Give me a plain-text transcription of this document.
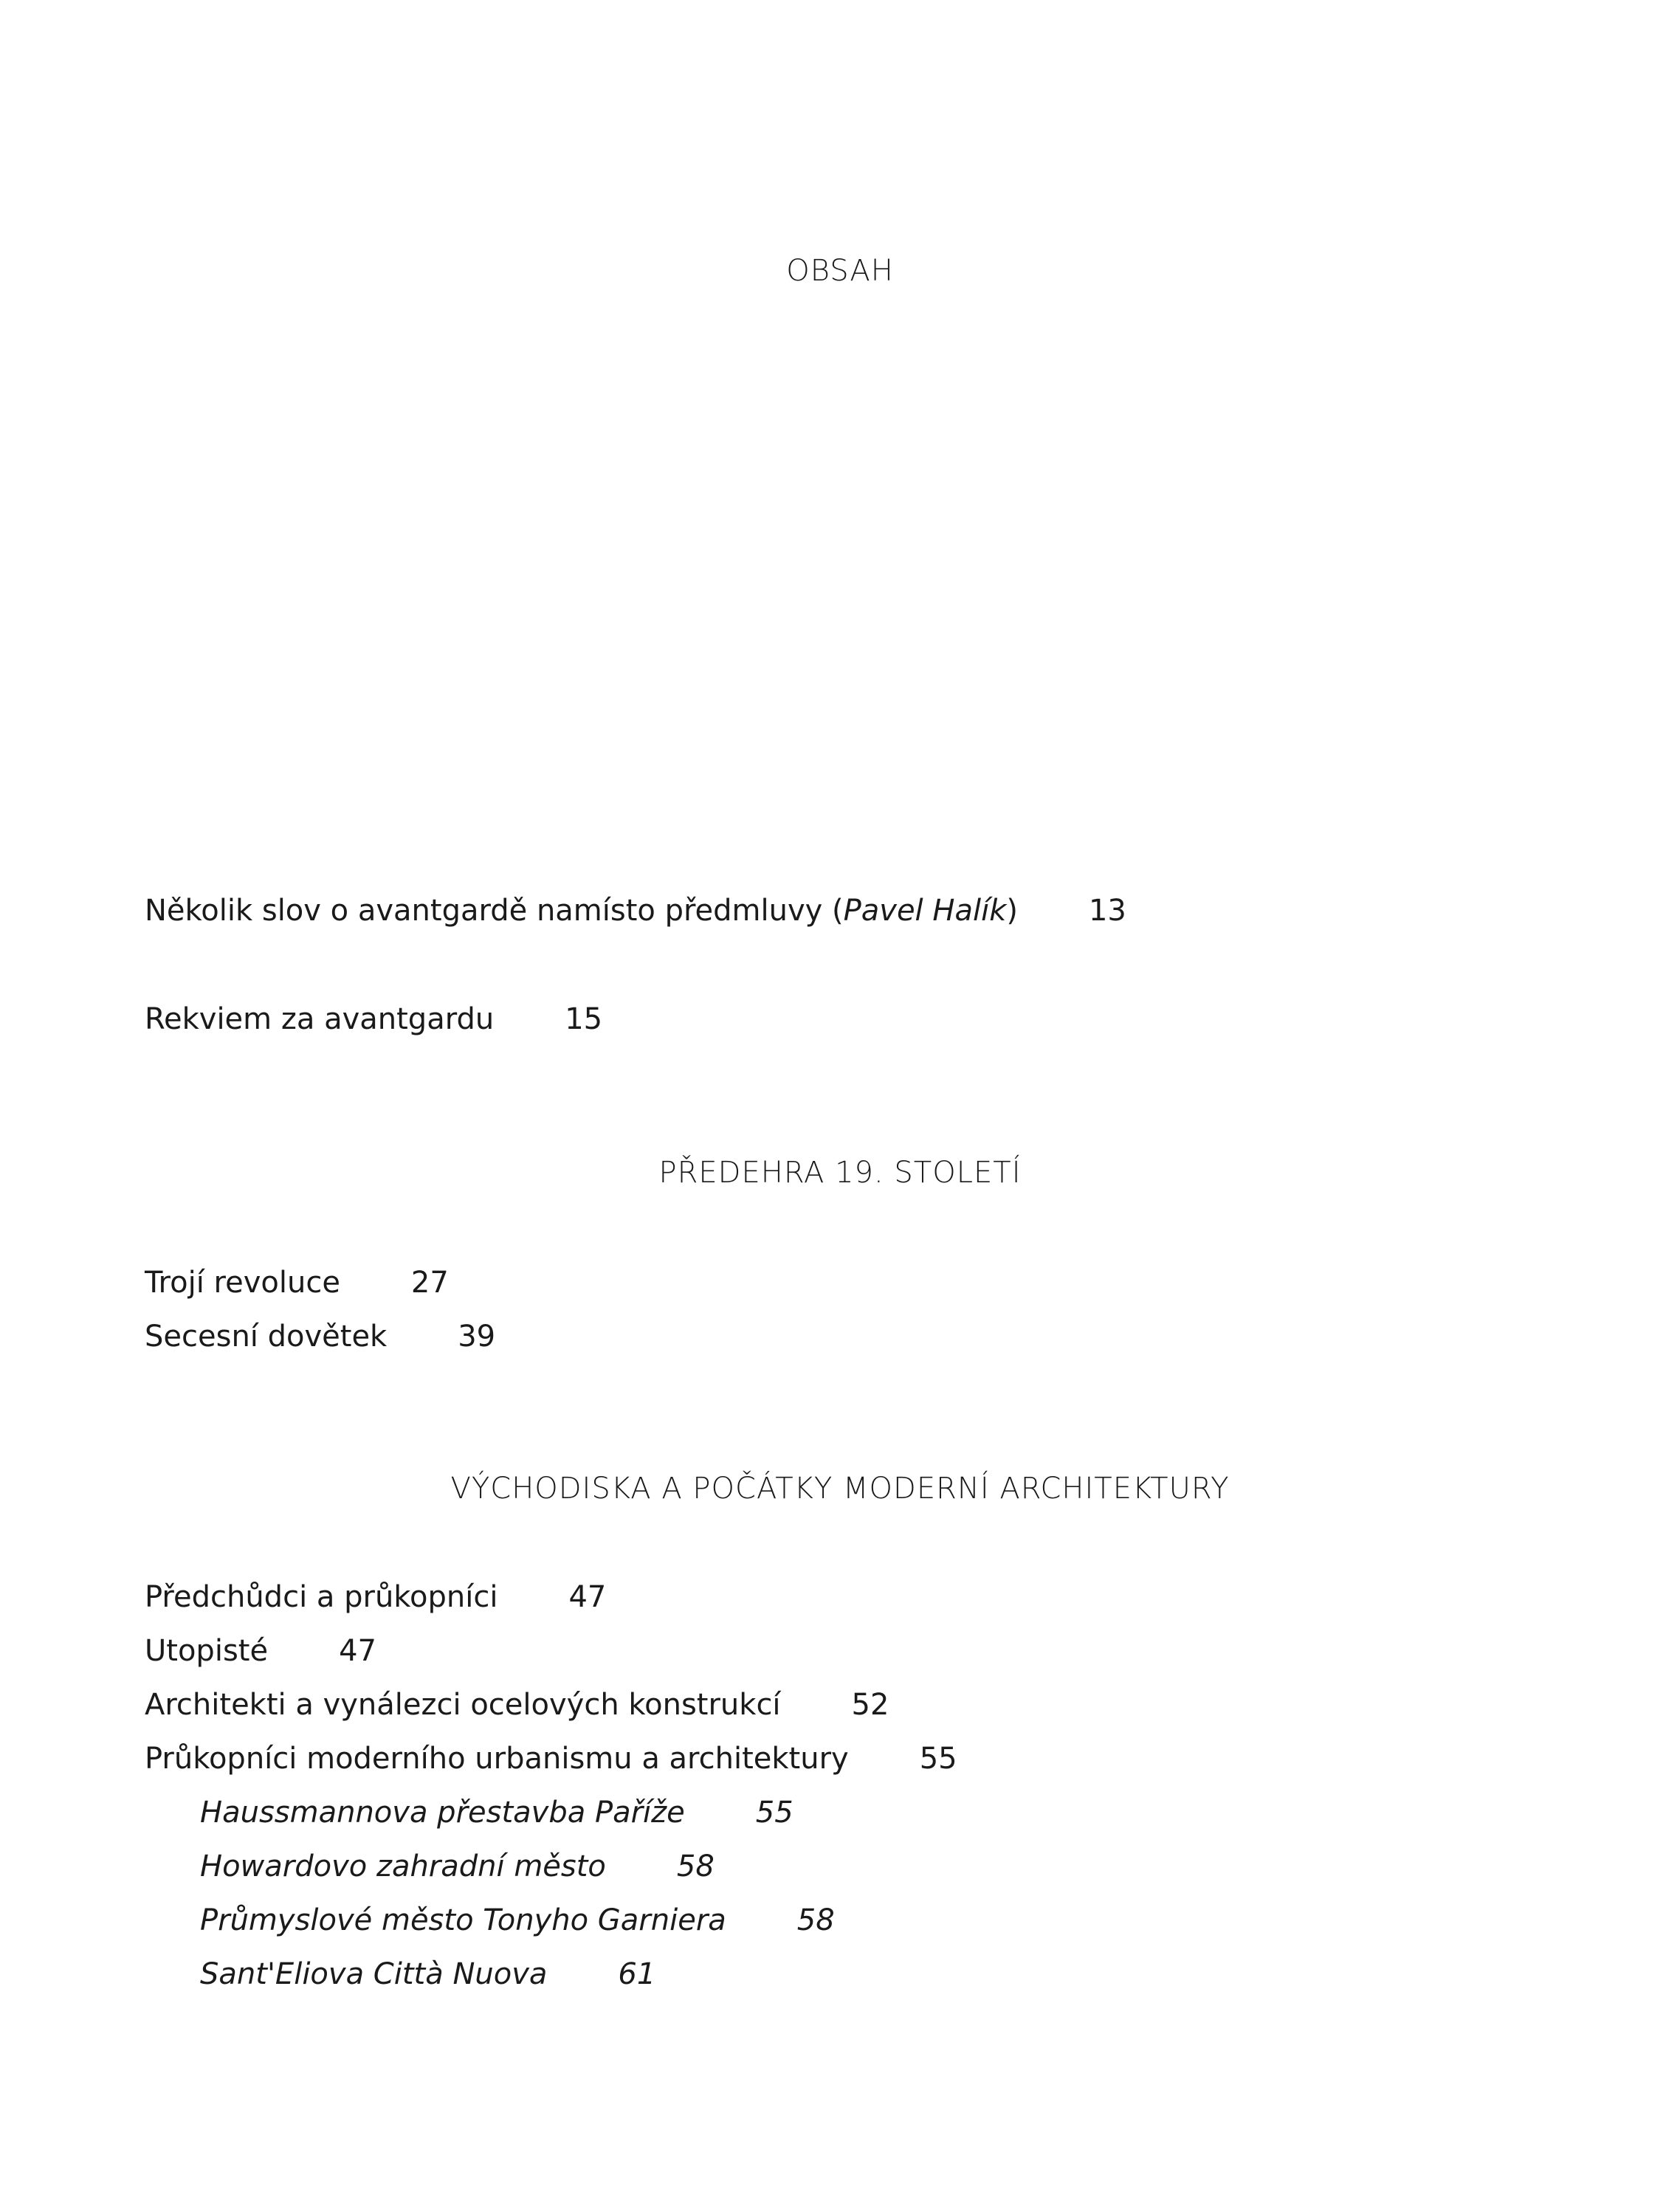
OBSAH
Několik slov o avantgardě namísto předmluvy (Pavel Halík) 13
Rekviem za avantgardu 15
PŘEDEHRA 19. STOLETÍ
Trojí revoluce 27
Secesní dovětek 39
VÝCHODISKA A POČÁTKY MODERNÍ ARCHITEKTURY
Předchůdci a průkopníci 47
Utopisté 47
Architekti a vynálezci ocelových konstrukcí 52
Průkopníci moderního urbanismu a architektury 55
Haussmannova přestavba Paříže 55
Howardovo zahradní město 58
Průmyslové město Tonyho Garniera 58
Sant'Eliova Città Nuova 61
